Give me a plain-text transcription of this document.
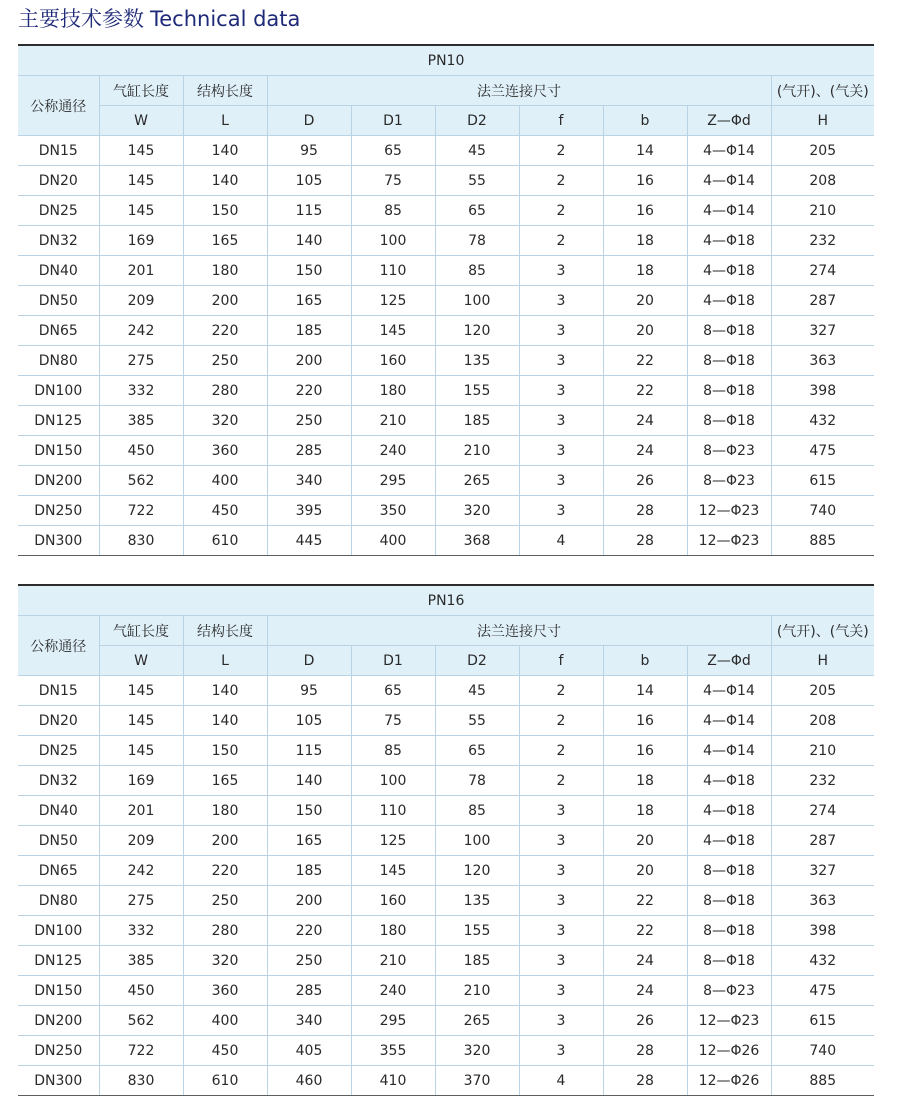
主要技术参数 Technical data
PN10									
公称通径	气缸长度	结构长度	法兰连接尺寸						(气开)、(气关)
	W	L	D	D1	D2	f	b	Z—Φd	H
DN15	145	140	95	65	45	2	14	4—Φ14	205
DN20	145	140	105	75	55	2	16	4—Φ14	208
DN25	145	150	115	85	65	2	16	4—Φ14	210
DN32	169	165	140	100	78	2	18	4—Φ18	232
DN40	201	180	150	110	85	3	18	4—Φ18	274
DN50	209	200	165	125	100	3	20	4—Φ18	287
DN65	242	220	185	145	120	3	20	8—Φ18	327
DN80	275	250	200	160	135	3	22	8—Φ18	363
DN100	332	280	220	180	155	3	22	8—Φ18	398
DN125	385	320	250	210	185	3	24	8—Φ18	432
DN150	450	360	285	240	210	3	24	8—Φ23	475
DN200	562	400	340	295	265	3	26	8—Φ23	615
DN250	722	450	395	350	320	3	28	12—Φ23	740
DN300	830	610	445	400	368	4	28	12—Φ23	885
PN16									
公称通径	气缸长度	结构长度	法兰连接尺寸						(气开)、(气关)
	W	L	D	D1	D2	f	b	Z—Φd	H
DN15	145	140	95	65	45	2	14	4—Φ14	205
DN20	145	140	105	75	55	2	16	4—Φ14	208
DN25	145	150	115	85	65	2	16	4—Φ14	210
DN32	169	165	140	100	78	2	18	4—Φ18	232
DN40	201	180	150	110	85	3	18	4—Φ18	274
DN50	209	200	165	125	100	3	20	4—Φ18	287
DN65	242	220	185	145	120	3	20	8—Φ18	327
DN80	275	250	200	160	135	3	22	8—Φ18	363
DN100	332	280	220	180	155	3	22	8—Φ18	398
DN125	385	320	250	210	185	3	24	8—Φ18	432
DN150	450	360	285	240	210	3	24	8—Φ23	475
DN200	562	400	340	295	265	3	26	12—Φ23	615
DN250	722	450	405	355	320	3	28	12—Φ26	740
DN300	830	610	460	410	370	4	28	12—Φ26	885
